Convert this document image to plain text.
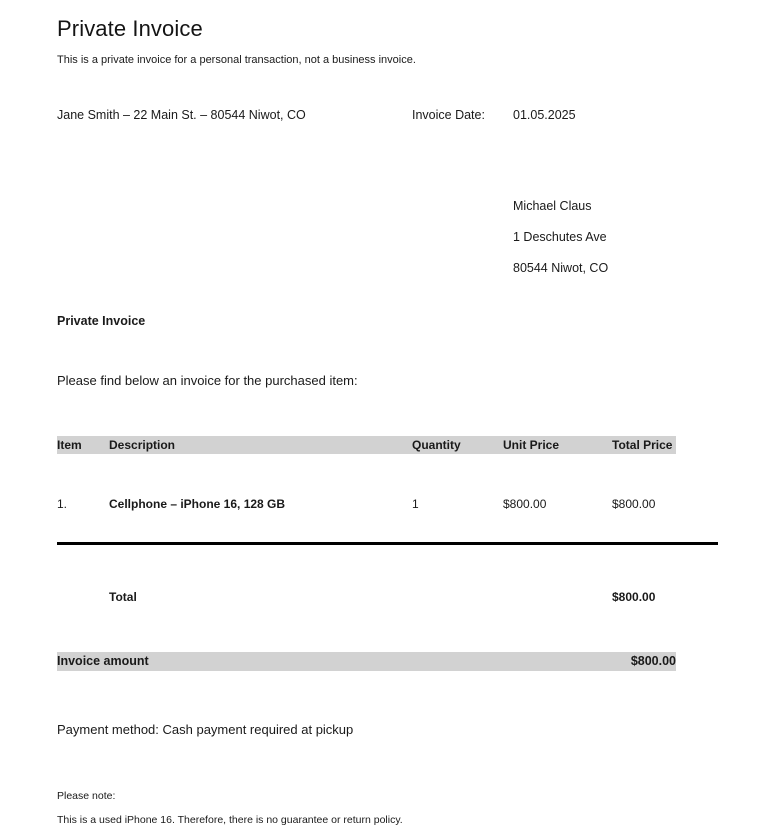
Private Invoice
This is a private invoice for a personal transaction, not a business invoice.
Jane Smith – 22 Main St. – 80544 Niwot, CO	Invoice Date: 01.05.2025
Michael Claus
1 Deschutes Ave
80544 Niwot, CO
Private Invoice
Please find below an invoice for the purchased item:
Item Description	Quantity	Unit Price	Total Price
1.	Cellphone – iPhone 16, 128 GB	1	$800.00	$800.00
Total	$800.00
Invoice amount	$800.00
Payment method: Cash payment required at pickup
Please note:
This is a used iPhone 16. Therefore, there is no guarantee or return policy.
